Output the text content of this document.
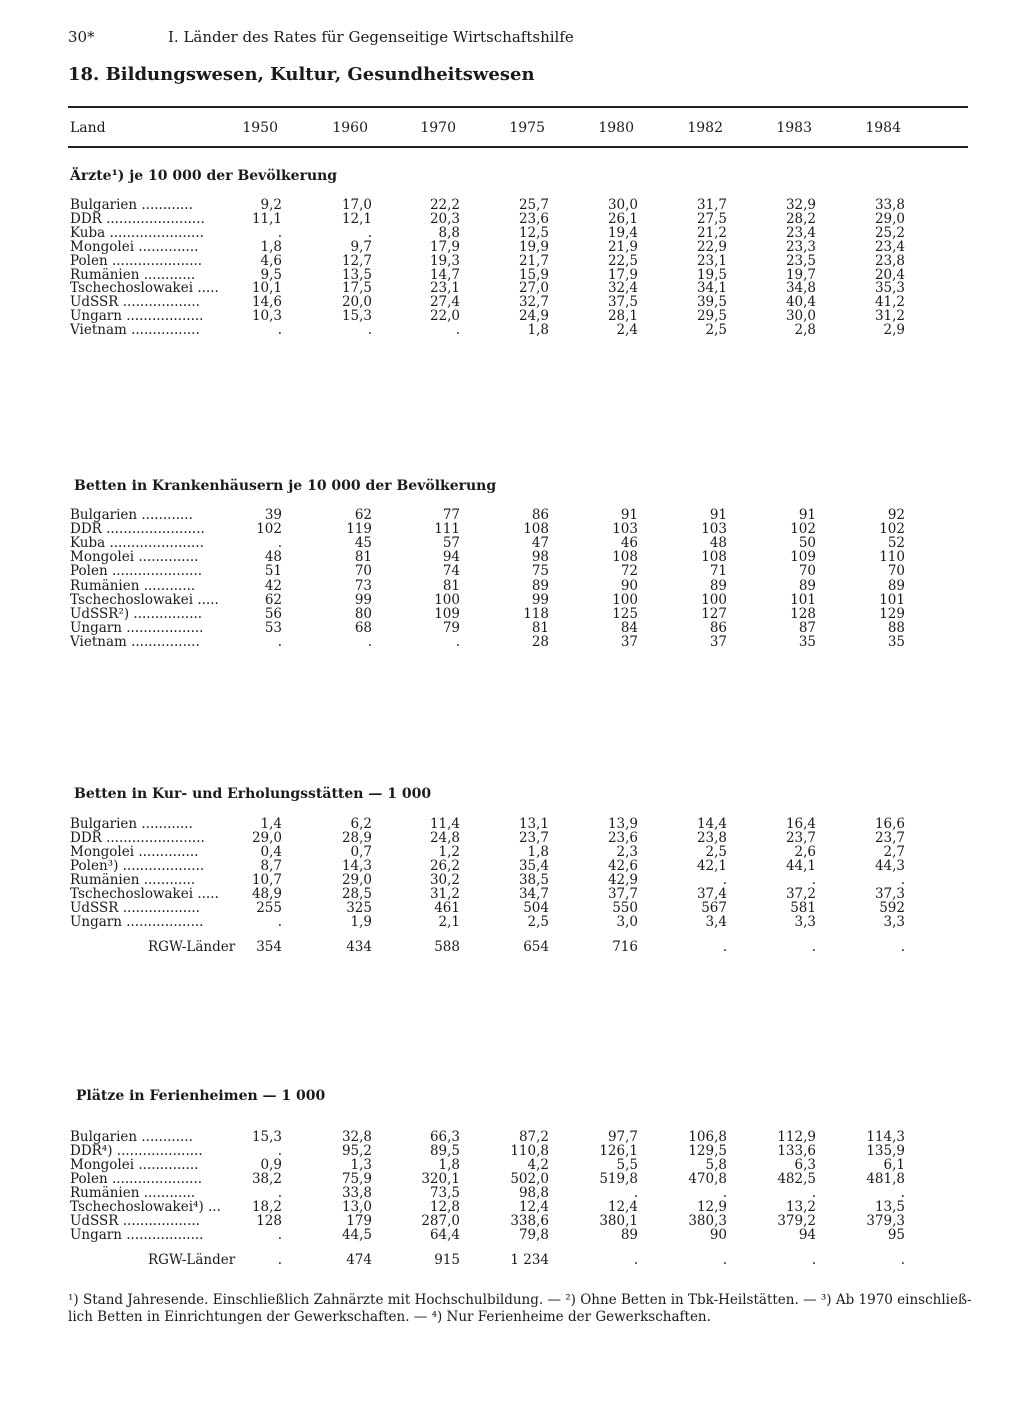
30*	I. Länder des Rates für Gegenseitige Wirtschaftshilfe
18. Bildungswesen, Kultur, Gesundheitswesen
Land	1950	1960	1970	1975	1980	1982	1983	1984
Ärzte¹) je 10 000 der Bevölkerung
Bulgarien ............	9,2	17,0	22,2	25,7	30,0	31,7	32,9	33,8
DDR .......................	11,1	12,1	20,3	23,6	26,1	27,5	28,2	29,0
Kuba ......................	.	.	8,8	12,5	19,4	21,2	23,4	25,2
Mongolei ..............	1,8	9,7	17,9	19,9	21,9	22,9	23,3	23,4
Polen .....................	4,6	12,7	19,3	21,7	22,5	23,1	23,5	23,8
Rumänien ............	9,5	13,5	14,7	15,9	17,9	19,5	19,7	20,4
Tschechoslowakei .....	10,1	17,5	23,1	27,0	32,4	34,1	34,8	35,3
UdSSR ..................	14,6	20,0	27,4	32,7	37,5	39,5	40,4	41,2
Ungarn ..................	10,3	15,3	22,0	24,9	28,1	29,5	30,0	31,2
Vietnam ................	.	.	.	1,8	2,4	2,5	2,8	2,9
Betten in Krankenhäusern je 10 000 der Bevölkerung
Bulgarien ............	39	62	77	86	91	91	91	92
DDR .......................	102	119	111	108	103	103	102	102
Kuba ......................	.	45	57	47	46	48	50	52
Mongolei ..............	48	81	94	98	108	108	109	110
Polen .....................	51	70	74	75	72	71	70	70
Rumänien ............	42	73	81	89	90	89	89	89
Tschechoslowakei .....	62	99	100	99	100	100	101	101
UdSSR²) ................	56	80	109	118	125	127	128	129
Ungarn ..................	53	68	79	81	84	86	87	88
Vietnam ................	.	.	.	28	37	37	35	35
Betten in Kur- und Erholungsstätten — 1 000
Bulgarien ............	1,4	6,2	11,4	13,1	13,9	14,4	16,4	16,6
DDR .......................	29,0	28,9	24,8	23,7	23,6	23,8	23,7	23,7
Mongolei ..............	0,4	0,7	1,2	1,8	2,3	2,5	2,6	2,7
Polen³) ...................	8,7	14,3	26,2	35,4	42,6	42,1	44,1	44,3
Rumänien ............	10,7	29,0	30,2	38,5	42,9	.	.	.
Tschechoslowakei .....	48,9	28,5	31,2	34,7	37,7	37,4	37,2	37,3
UdSSR ..................	255	325	461	504	550	567	581	592
Ungarn ..................	.	1,9	2,1	2,5	3,0	3,4	3,3	3,3
RGW-Länder	354	434	588	654	716	.	.	.
Plätze in Ferienheimen — 1 000
Bulgarien ............	15,3	32,8	66,3	87,2	97,7	106,8	112,9	114,3
DDR⁴) ....................	.	95,2	89,5	110,8	126,1	129,5	133,6	135,9
Mongolei ..............	0,9	1,3	1,8	4,2	5,5	5,8	6,3	6,1
Polen .....................	38,2	75,9	320,1	502,0	519,8	470,8	482,5	481,8
Rumänien ............	.	33,8	73,5	98,8	.	.	.	.
Tschechoslowakei⁴) ...	18,2	13,0	12,8	12,4	12,4	12,9	13,2	13,5
UdSSR ..................	128	179	287,0	338,6	380,1	380,3	379,2	379,3
Ungarn ..................	.	44,5	64,4	79,8	89	90	94	95
RGW-Länder	.	474	915	1 234	.	.	.	.
¹) Stand Jahresende. Einschließlich Zahnärzte mit Hochschulbildung. — ²) Ohne Betten in Tbk-Heilstätten. — ³) Ab 1970 einschließ-
lich Betten in Einrichtungen der Gewerkschaften. — ⁴) Nur Ferienheime der Gewerkschaften.
